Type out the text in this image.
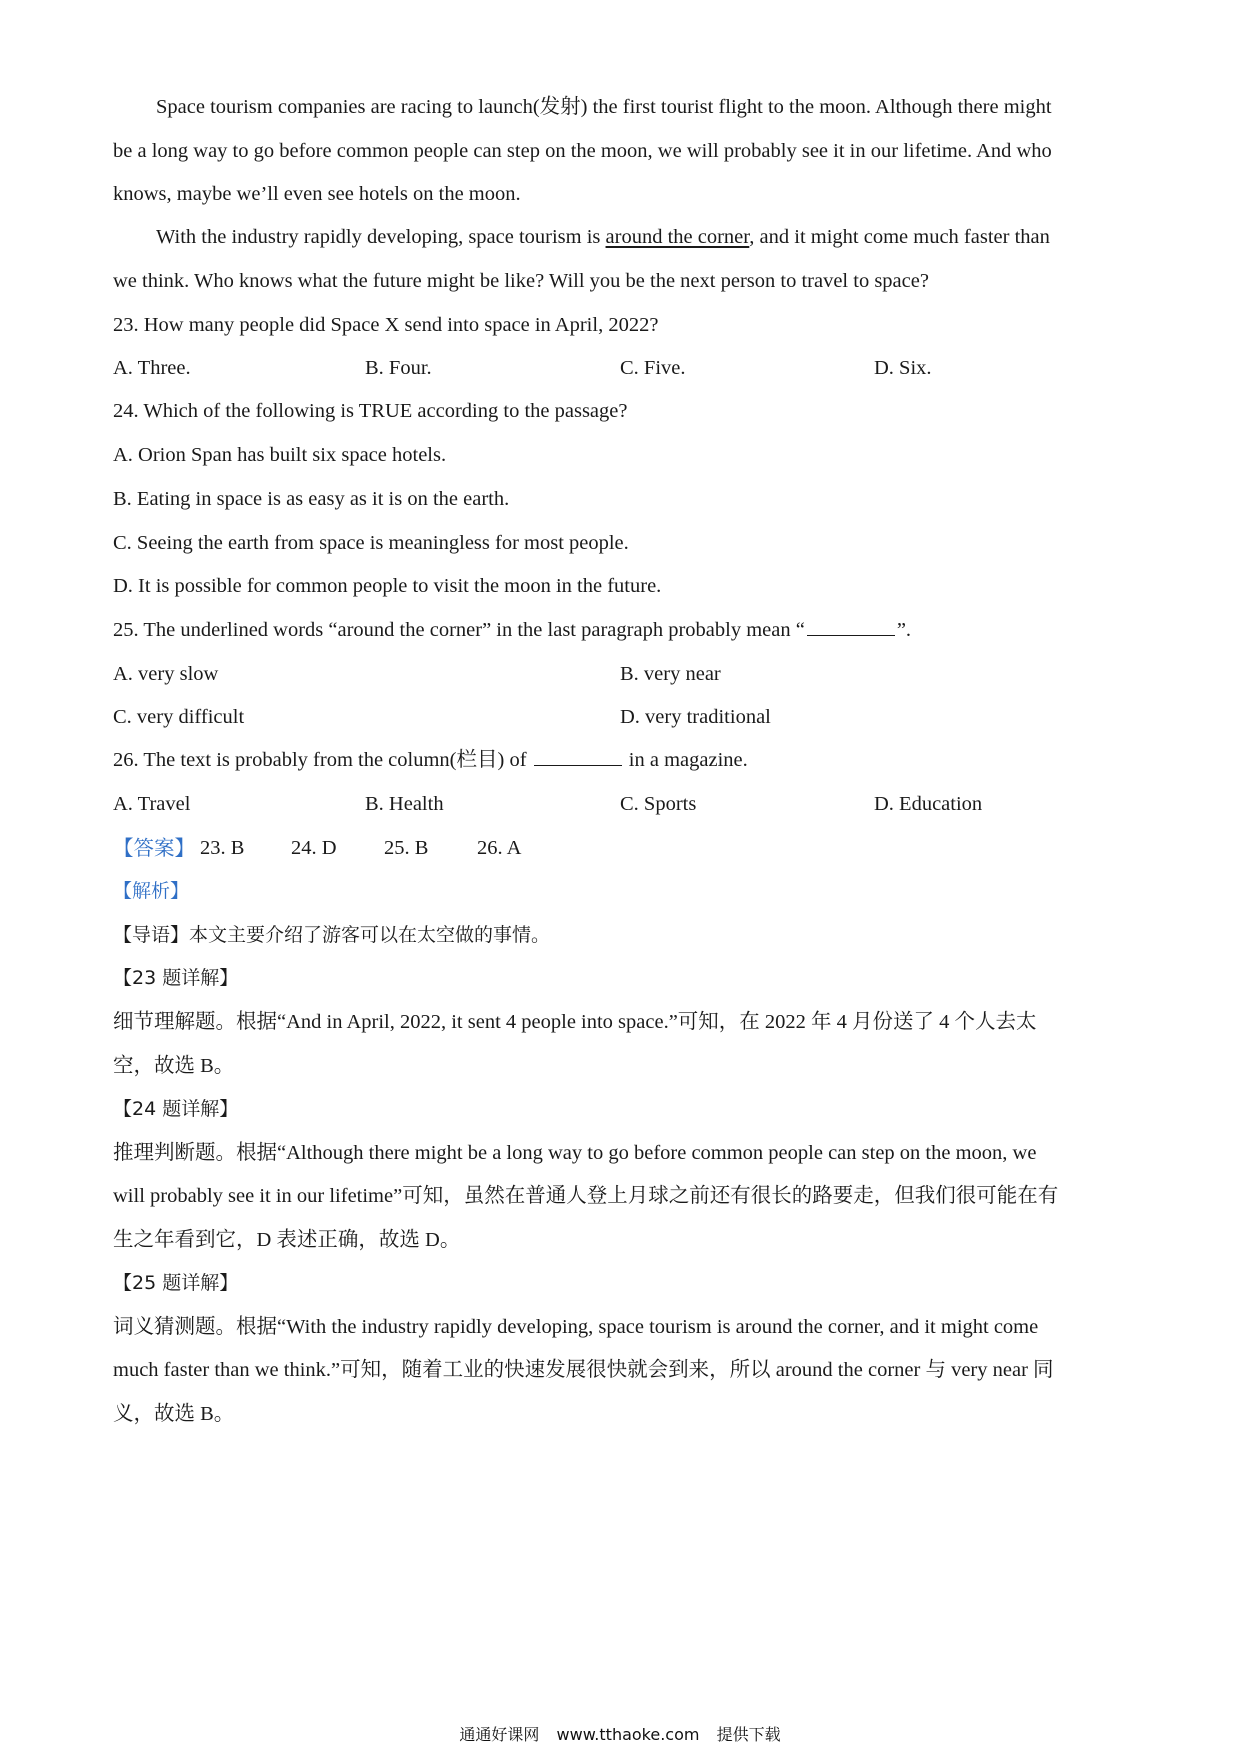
Space tourism companies are racing to launch(发射) the first tourist flight to the moon. Although there might
be a long way to go before common people can step on the moon, we will probably see it in our lifetime. And who
knows, maybe we’ll even see hotels on the moon.
With the industry rapidly developing, space tourism is around the corner, and it might come much faster than
we think. Who knows what the future might be like? Will you be the next person to travel to space?
23. How many people did Space X send into space in April, 2022?
A. Three.	B. Four.	C. Five.	D. Six.
24. Which of the following is TRUE according to the passage?
A. Orion Span has built six space hotels.
B. Eating in space is as easy as it is on the earth.
C. Seeing the earth from space is meaningless for most people.
D. It is possible for common people to visit the moon in the future.
25. The underlined words “around the corner” in the last paragraph probably mean “	”.
A. very slow	B. very near
C. very difficult	D. very traditional
26. The text is probably from the column(栏目) of	in a magazine.
A. Travel	B. Health	C. Sports	D. Education
【答案】 23. B 24. D 25. B 26. A
【解析】
【导语】本文主要介绍了游客可以在太空做的事情。
【23 题详解】
细节理解题。根据“And in April, 2022, it sent 4 people into space.”可知，在 2022 年 4 月份送了 4 个人去太
空，故选 B。
【24 题详解】
推理判断题。根据“Although there might be a long way to go before common people can step on the moon, we
will probably see it in our lifetime”可知，虽然在普通人登上月球之前还有很长的路要走，但我们很可能在有
生之年看到它，D 表述正确，故选 D。
【25 题详解】
词义猜测题。根据“With the industry rapidly developing, space tourism is around the corner, and it might come
much faster than we think.”可知，随着工业的快速发展很快就会到来，所以 around the corner 与 very near 同
义，故选 B。
通通好课网 www.tthaoke.com 提供下载
